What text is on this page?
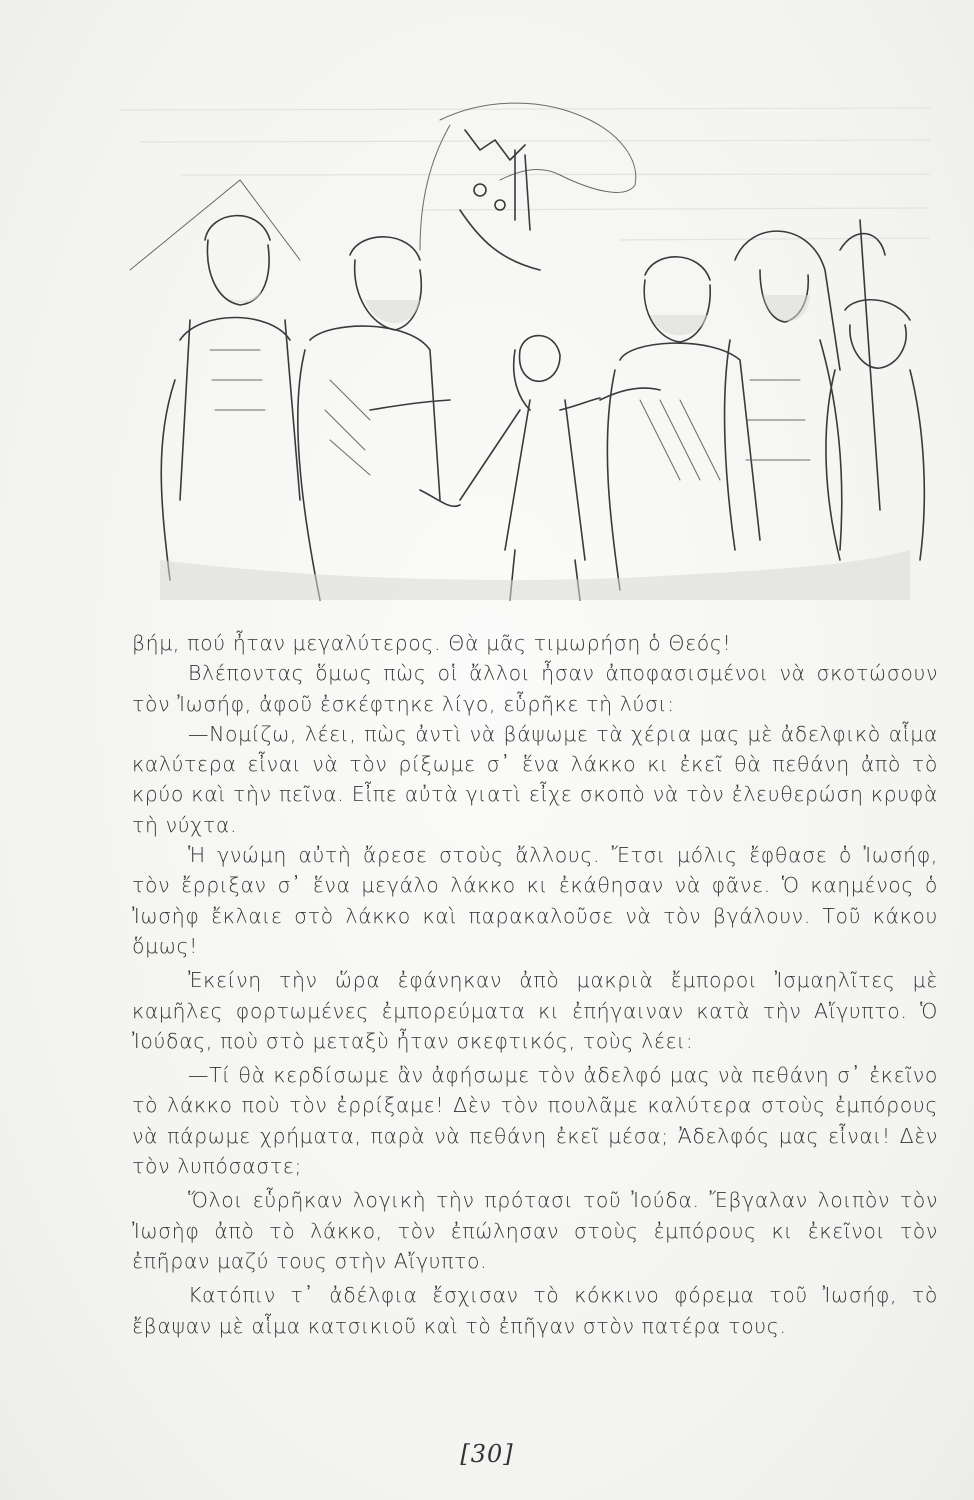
βήμ, πού ἦταν μεγαλύτερος. Θὰ μᾶς τιμωρήση ὁ Θεός!

Βλέποντας ὅμως πὼς οἱ ἄλλοι ἦσαν ἀποφασισμένοι νὰ σκοτώσουν τὸν Ἰωσήφ, ἀφοῦ ἐσκέφτηκε λίγο, εὗρῆκε τὴ λύσι:

—Νομίζω, λέει, πὼς ἀντὶ νὰ βάψωμε τὰ χέρια μας μὲ ἀδελφικὸ αἷμα καλύτερα εἶναι νὰ τὸν ρίξωμε σ᾿ ἕνα λάκκο κι ἐκεῖ θὰ πεθάνη ἀπὸ τὸ κρύο καὶ τὴν πεῖνα. Εἶπε αὐτὰ γιατὶ εἶχε σκοπὸ νὰ τὸν ἐλευθερώση κρυφὰ τὴ νύχτα.

Ἡ γνώμη αὐτὴ ἄρεσε στοὺς ἄλλους. Ἔτσι μόλις ἔφθασε ὁ Ἰωσήφ, τὸν ἔρριξαν σ᾿ ἕνα μεγάλο λάκκο κι ἐκάθησαν νὰ φᾶνε. Ὁ καημένος ὁ Ἰωσὴφ ἔκλαιε στὸ λάκκο καὶ παρακαλοῦσε νὰ τὸν βγάλουν. Τοῦ κάκου ὅμως!

Ἐκείνη τὴν ὥρα ἐφάνηκαν ἀπὸ μακριὰ ἔμποροι Ἰσμαηλῖτες μὲ καμῆλες φορτωμένες ἐμπορεύματα κι ἐπήγαιναν κατὰ τὴν Αἴγυπτο. Ὁ Ἰούδας, ποὺ στὸ μεταξὺ ἦταν σκεφτικός, τοὺς λέει:

—Τί θὰ κερδίσωμε ἂν ἀφήσωμε τὸν ἀδελφό μας νὰ πεθάνη σ᾿ ἐκεῖνο τὸ λάκκο ποὺ τὸν ἐρρίξαμε! Δὲν τὸν πουλᾶμε καλύτερα στοὺς ἐμπόρους νὰ πάρωμε χρήματα, παρὰ νὰ πεθάνη ἐκεῖ μέσα; Ἀδελφός μας εἶναι! Δὲν τὸν λυπόσαστε;

Ὅλοι εὗρῆκαν λογικὴ τὴν πρότασι τοῦ Ἰούδα. Ἔβγαλαν λοιπὸν τὸν Ἰωσὴφ ἀπὸ τὸ λάκκο, τὸν ἐπώλησαν στοὺς ἐμπόρους κι ἐκεῖνοι τὸν ἐπῆραν μαζύ τους στὴν Αἴγυπτο.

Κατόπιν τ᾿ ἀδέλφια ἔσχισαν τὸ κόκκινο φόρεμα τοῦ Ἰωσήφ, τὸ ἔβαψαν μὲ αἷμα κατσικιοῦ καὶ τὸ ἐπῆγαν στὸν πατέρα τους.

[30]
